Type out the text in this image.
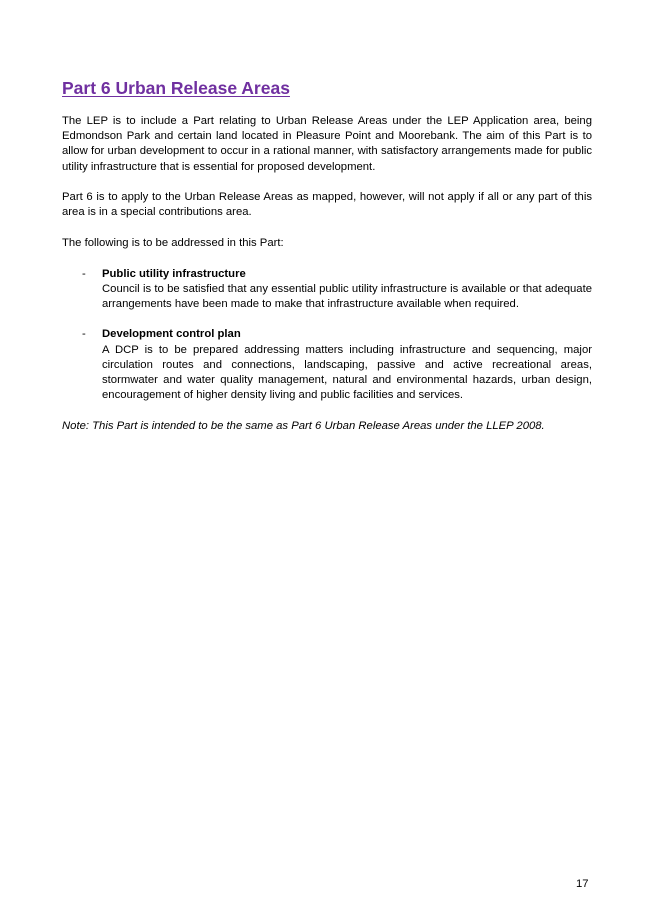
Part 6 Urban Release Areas

The LEP is to include a Part relating to Urban Release Areas under the LEP Application area, being Edmondson Park and certain land located in Pleasure Point and Moorebank. The aim of this Part is to allow for urban development to occur in a rational manner, with satisfactory arrangements made for public utility infrastructure that is essential for proposed development.

Part 6 is to apply to the Urban Release Areas as mapped, however, will not apply if all or any part of this area is in a special contributions area.

The following is to be addressed in this Part:

- Public utility infrastructure
Council is to be satisfied that any essential public utility infrastructure is available or that adequate arrangements have been made to make that infrastructure available when required.
- Development control plan
A DCP is to be prepared addressing matters including infrastructure and sequencing, major circulation routes and connections, landscaping, passive and active recreational areas, stormwater and water quality management, natural and environmental hazards, urban design, encouragement of higher density living and public facilities and services.

Note: This Part is intended to be the same as Part 6 Urban Release Areas under the LLEP 2008.

17
